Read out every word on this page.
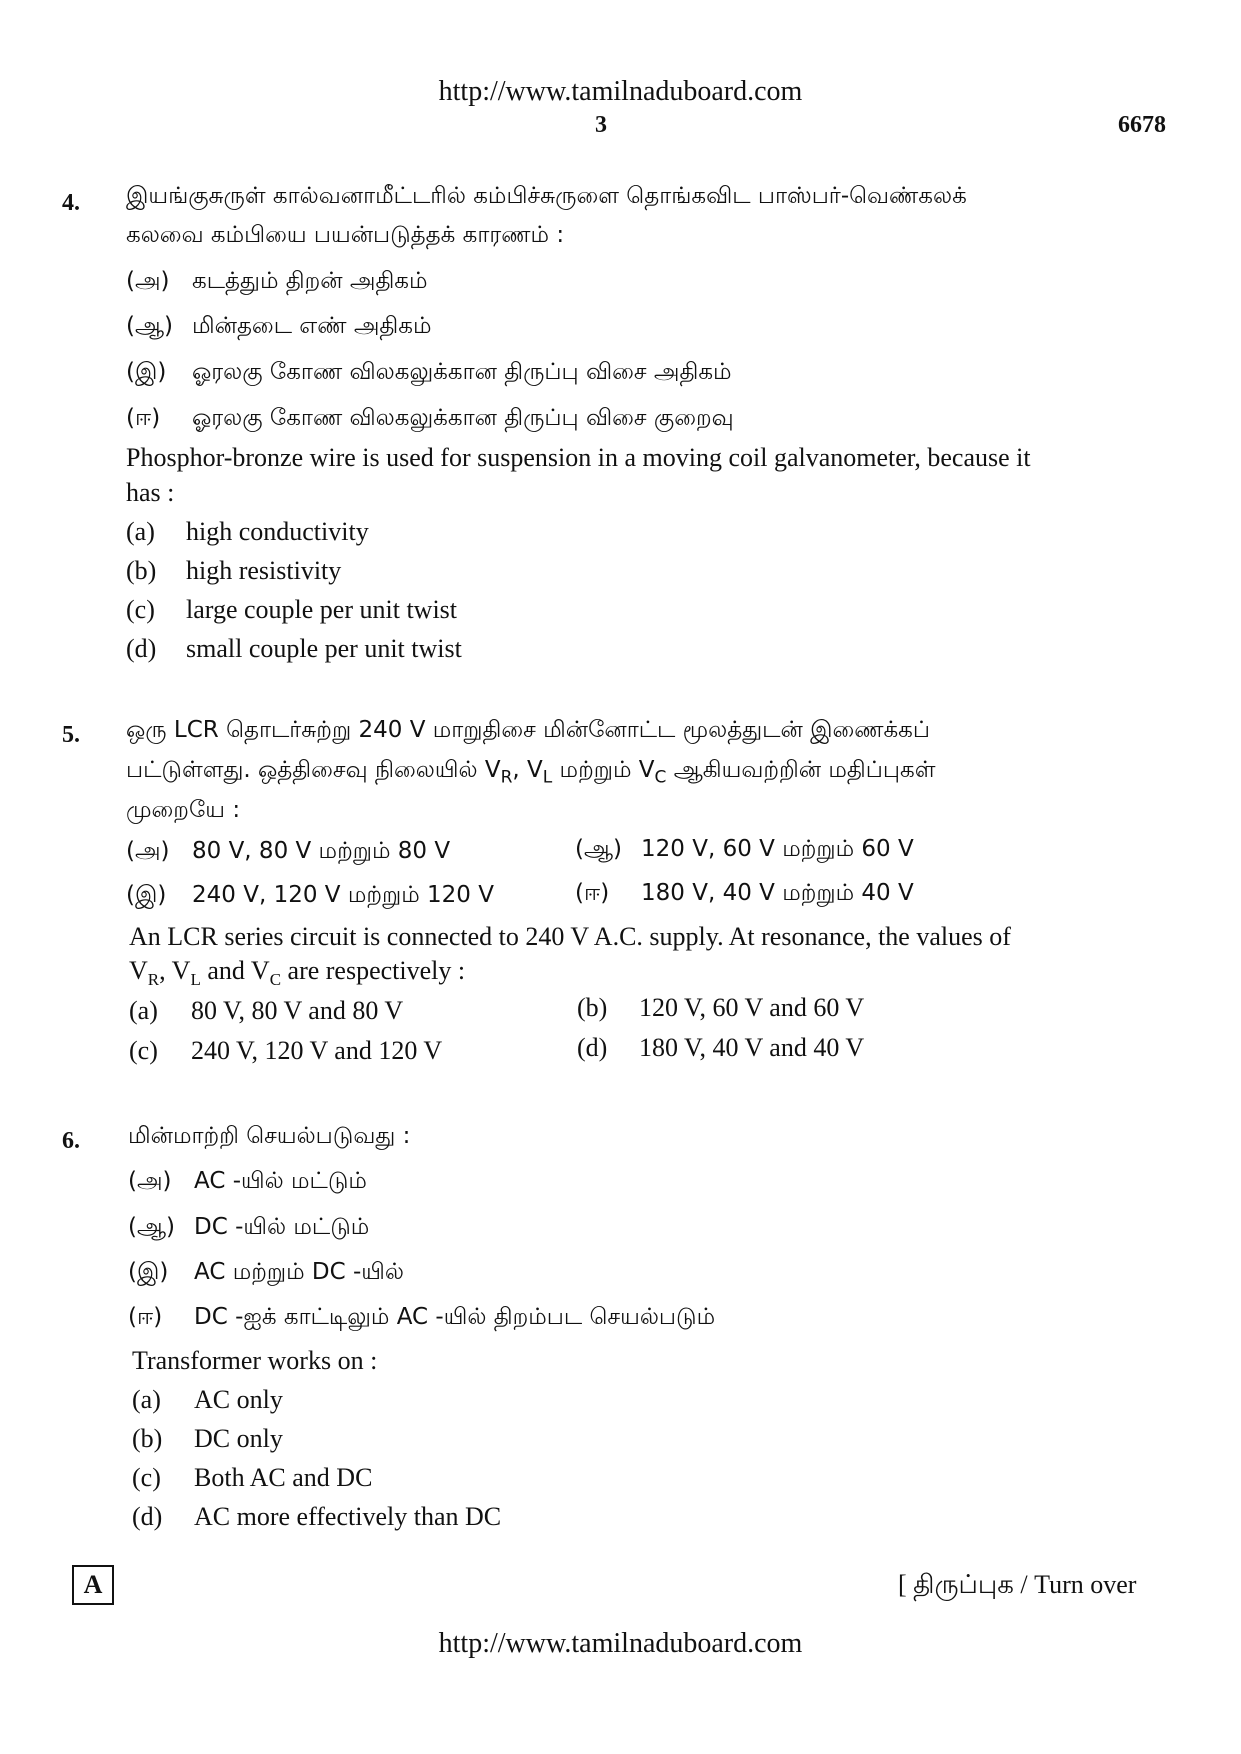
http://www.tamilnaduboard.com
3	6678
4. இயங்குசுருள் கால்வனாமீட்டரில் கம்பிச்சுருளை தொங்கவிட பாஸ்பர்-வெண்கலக்
கலவை கம்பியை பயன்படுத்தக் காரணம் :
(அ) கடத்தும் திறன் அதிகம்
(ஆ) மின்தடை எண் அதிகம்
(இ) ஓரலகு கோண விலகலுக்கான திருப்பு விசை அதிகம்
(ஈ) ஓரலகு கோண விலகலுக்கான திருப்பு விசை குறைவு
Phosphor-bronze wire is used for suspension in a moving coil galvanometer, because it
has :
(a) high conductivity
(b) high resistivity
(c) large couple per unit twist
(d) small couple per unit twist
5. ஒரு LCR தொடர்சுற்று 240 V மாறுதிசை மின்னோட்ட மூலத்துடன் இணைக்கப்
பட்டுள்ளது. ஒத்திசைவு நிலையில் $V_R$, $V_L$ மற்றும் $V_C$ ஆகியவற்றின் மதிப்புகள்
முறையே :
(அ) 80 V, 80 V மற்றும் 80 V	(ஆ) 120 V, 60 V மற்றும் 60 V
(இ) 240 V, 120 V மற்றும் 120 V	(ஈ) 180 V, 40 V மற்றும் 40 V
An LCR series circuit is connected to 240 V A.C. supply. At resonance, the values of
$V_R$, $V_L$ and $V_C$ are respectively :
(a) 80 V, 80 V and 80 V	(b) 120 V, 60 V and 60 V
(c) 240 V, 120 V and 120 V	(d) 180 V, 40 V and 40 V
6. மின்மாற்றி செயல்படுவது :
(அ) AC -யில் மட்டும்
(ஆ) DC -யில் மட்டும்
(இ) AC மற்றும் DC -யில்
(ஈ) DC -ஐக் காட்டிலும் AC -யில் திறம்பட செயல்படும்
Transformer works on :
(a) AC only
(b) DC only
(c) Both AC and DC
(d) AC more effectively than DC
A	[ திருப்புக / Turn over
http://www.tamilnaduboard.com
